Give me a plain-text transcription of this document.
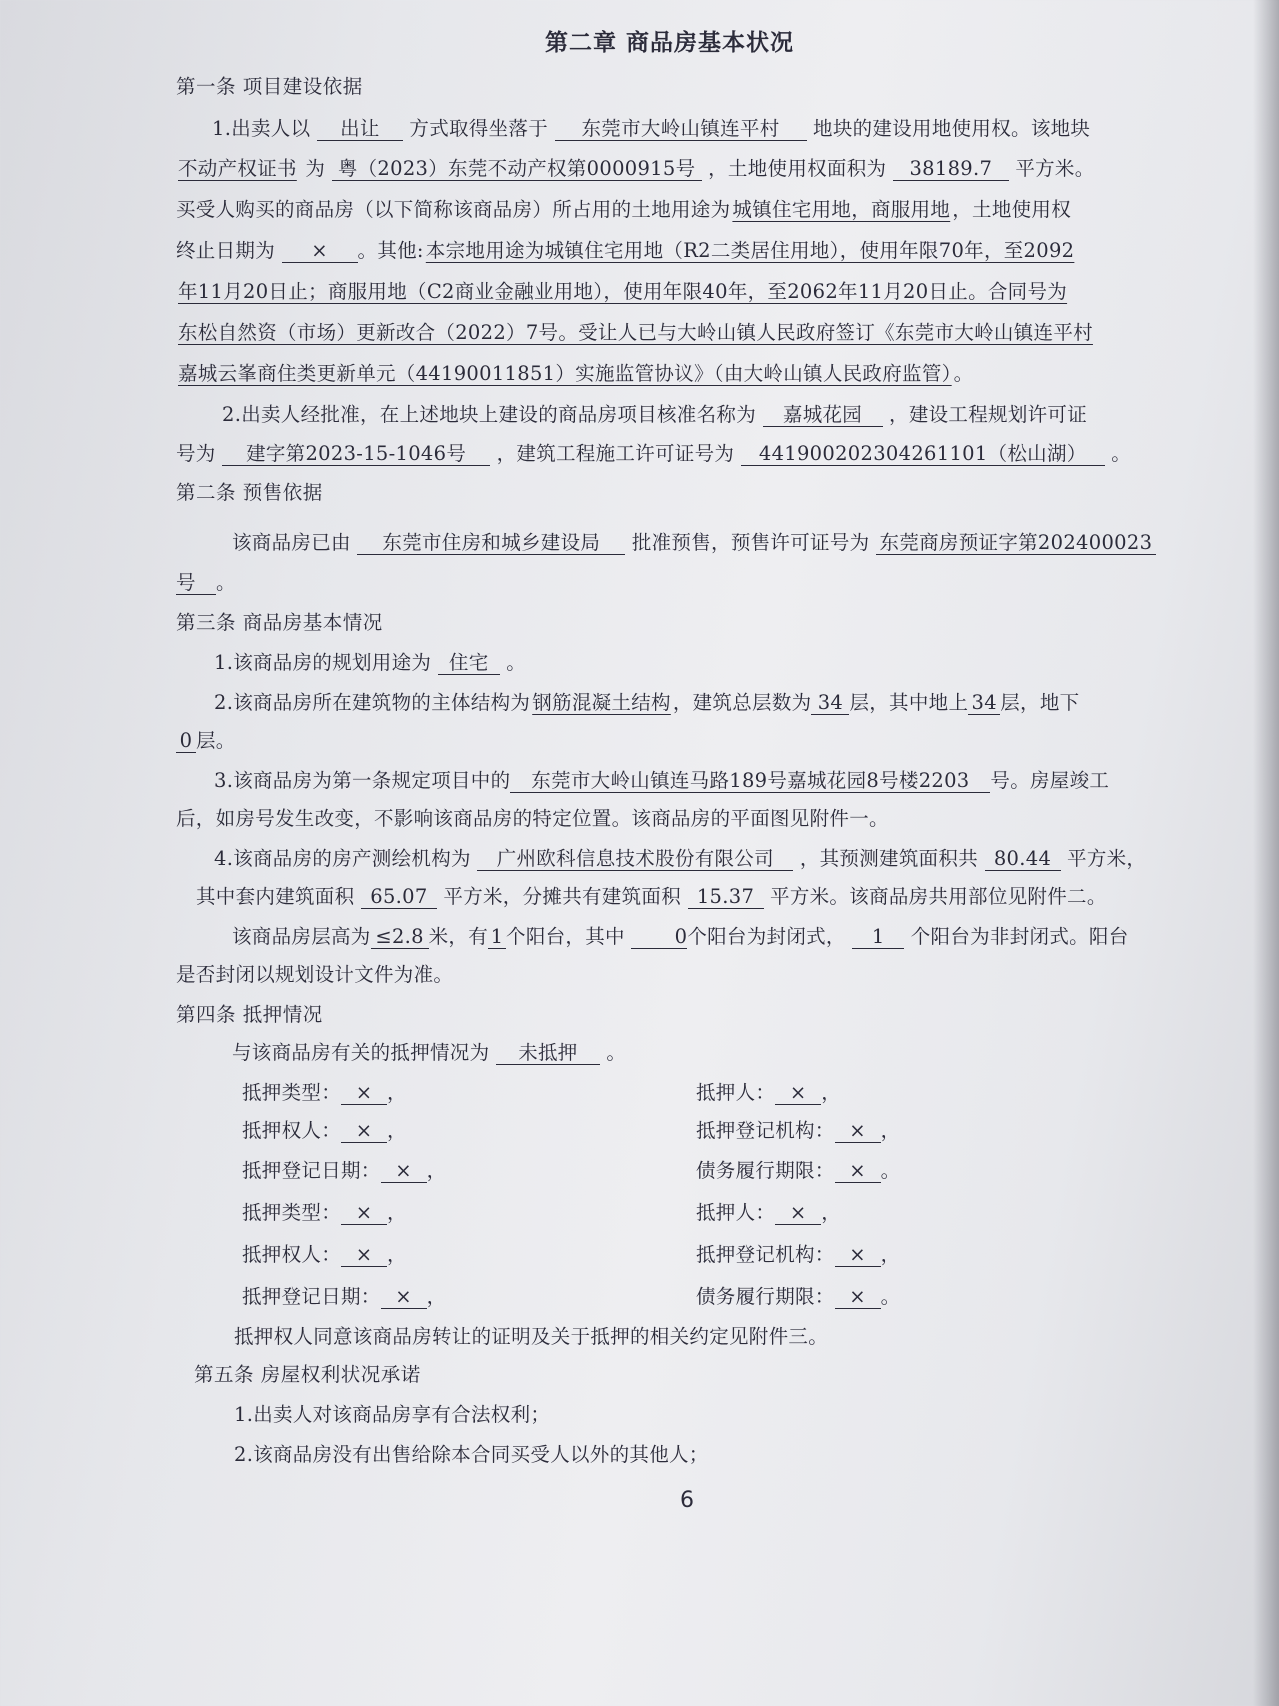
第二章 商品房基本状况
第一条 项目建设依据
1.出卖人以 出让 方式取得坐落于 东莞市大岭山镇连平村 地块的建设用地使用权。该地块
不动产权证书 为 粤（2023）东莞不动产权第0000915号 ，土地使用权面积为 38189.7 平方米。
买受人购买的商品房（以下简称该商品房）所占用的土地用途为 城镇住宅用地，商服用地 ，土地使用权
终止日期为 × 。其他: 本宗地用途为城镇住宅用地（R2二类居住用地），使用年限70年，至2092
年11月20日止；商服用地（C2商业金融业用地），使用年限40年，至2062年11月20日止。合同号为
东松自然资（市场）更新改合（2022）7号。受让人已与大岭山镇人民政府签订《东莞市大岭山镇连平村
嘉城云峯商住类更新单元（44190011851）实施监管协议》（由大岭山镇人民政府监管） 。
2.出卖人经批准，在上述地块上建设的商品房项目核准名称为 嘉城花园 ，建设工程规划许可证
号为 建字第2023-15-1046号 ，建筑工程施工许可证号为 441900202304261101（松山湖） 。
第二条 预售依据
该商品房已由 东莞市住房和城乡建设局 批准预售，预售许可证号为 东莞商房预证字第202400023
号 。
第三条 商品房基本情况
1.该商品房的规划用途为 住宅 。
2.该商品房所在建筑物的主体结构为 钢筋混凝土结构 ，建筑总层数为 34 层，其中地上 34 层，地下
0 层。
3.该商品房为第一条规定项目中的 东莞市大岭山镇连马路189号嘉城花园8号楼2203 号。房屋竣工
后，如房号发生改变，不影响该商品房的特定位置。该商品房的平面图见附件一。
4.该商品房的房产测绘机构为 广州欧科信息技术股份有限公司 ，其预测建筑面积共 80.44 平方米，
其中套内建筑面积 65.07 平方米，分摊共有建筑面积 15.37 平方米。该商品房共用部位见附件二。
该商品房层高为 ≤2.8 米，有 1 个阳台，其中	0个阳台为封闭式， 1 个阳台为非封闭式。阳台
是否封闭以规划设计文件为准。
第四条 抵押情况
与该商品房有关的抵押情况为 未抵押 。
抵押类型： × ，	抵押人： × ，
抵押权人： × ，	抵押登记机构： × ，
抵押登记日期： × ，	债务履行期限： × 。
抵押类型： × ，	抵押人： × ，
抵押权人： × ，	抵押登记机构： × ，
抵押登记日期： × ，	债务履行期限： × 。
抵押权人同意该商品房转让的证明及关于抵押的相关约定见附件三。
第五条 房屋权利状况承诺
1.出卖人对该商品房享有合法权利；
2.该商品房没有出售给除本合同买受人以外的其他人；
6
